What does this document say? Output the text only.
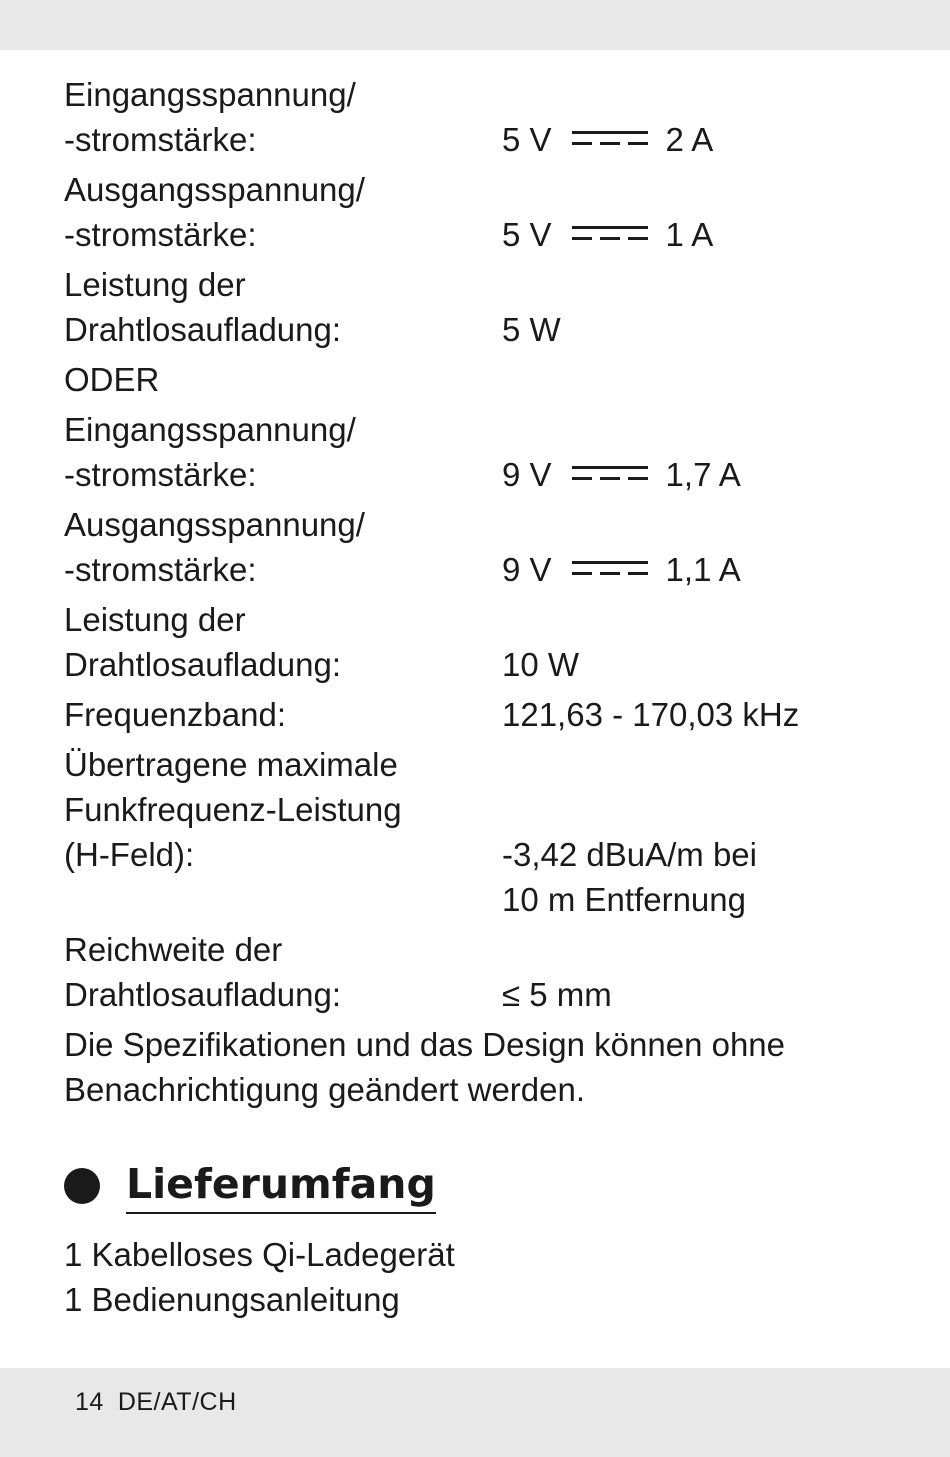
Eingangsspannung/
-stromstärke:	5 V	2 A
Ausgangsspannung/
-stromstärke:	5 V	1 A
Leistung der
Drahtlosaufladung:	5 W
ODER
Eingangsspannung/
-stromstärke:	9 V	1,7 A
Ausgangsspannung/
-stromstärke:	9 V	1,1 A
Leistung der
Drahtlosaufladung:	10 W
Frequenzband:	121,63 - 170,03 kHz
Übertragene maximale
Funkfrequenz-Leistung
(H-Feld):	-3,42 dBuA/m bei
10 m Entfernung
Reichweite der
Drahtlosaufladung:	≤ 5 mm
Die Spezifikationen und das Design können ohne
Benachrichtigung geändert werden.
Lieferumfang
1 Kabelloses Qi-Ladegerät
1 Bedienungsanleitung
14 DE/AT/CH
